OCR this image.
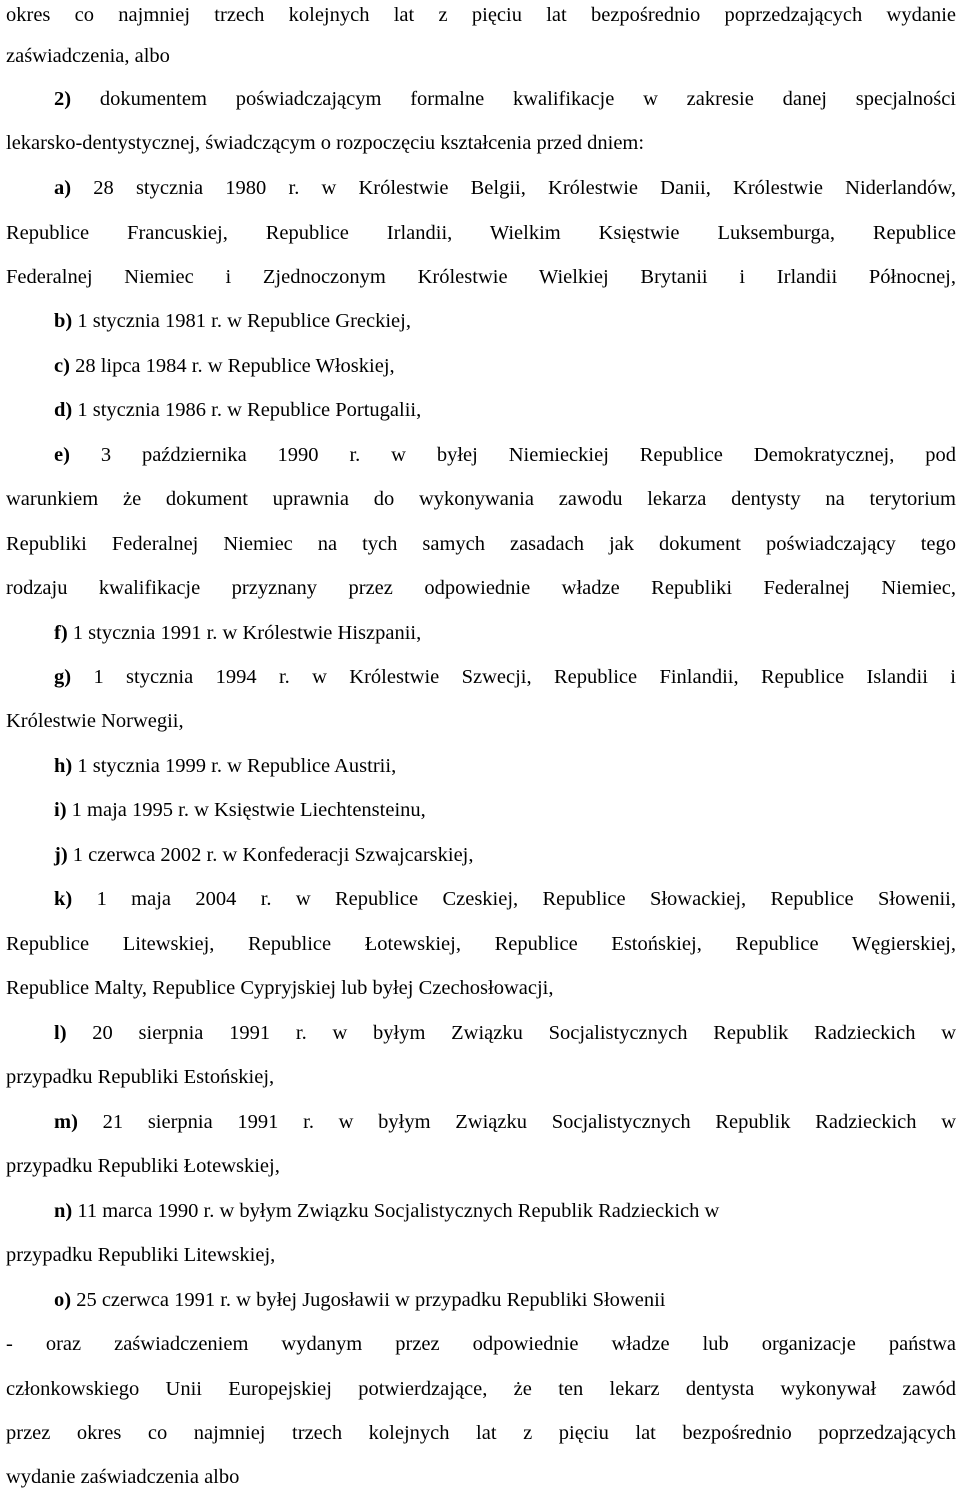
okres co najmniej trzech kolejnych lat z pięciu lat bezpośrednio poprzedzających wydanie
zaświadczenia, albo
2) dokumentem poświadczającym formalne kwalifikacje w zakresie danej specjalności
lekarsko-dentystycznej, świadczącym o rozpoczęciu kształcenia przed dniem:
a) 28 stycznia 1980 r. w Królestwie Belgii, Królestwie Danii, Królestwie Niderlandów,
Republice Francuskiej, Republice Irlandii, Wielkim Księstwie Luksemburga, Republice
Federalnej Niemiec i Zjednoczonym Królestwie Wielkiej Brytanii i Irlandii Północnej,
b) 1 stycznia 1981 r. w Republice Greckiej,
c) 28 lipca 1984 r. w Republice Włoskiej,
d) 1 stycznia 1986 r. w Republice Portugalii,
e) 3 października 1990 r. w byłej Niemieckiej Republice Demokratycznej, pod
warunkiem że dokument uprawnia do wykonywania zawodu lekarza dentysty na terytorium
Republiki Federalnej Niemiec na tych samych zasadach jak dokument poświadczający tego
rodzaju kwalifikacje przyznany przez odpowiednie władze Republiki Federalnej Niemiec,
f) 1 stycznia 1991 r. w Królestwie Hiszpanii,
g) 1 stycznia 1994 r. w Królestwie Szwecji, Republice Finlandii, Republice Islandii i
Królestwie Norwegii,
h) 1 stycznia 1999 r. w Republice Austrii,
i) 1 maja 1995 r. w Księstwie Liechtensteinu,
j) 1 czerwca 2002 r. w Konfederacji Szwajcarskiej,
k) 1 maja 2004 r. w Republice Czeskiej, Republice Słowackiej, Republice Słowenii,
Republice Litewskiej, Republice Łotewskiej, Republice Estońskiej, Republice Węgierskiej,
Republice Malty, Republice Cypryjskiej lub byłej Czechosłowacji,
l) 20 sierpnia 1991 r. w byłym Związku Socjalistycznych Republik Radzieckich w
przypadku Republiki Estońskiej,
m) 21 sierpnia 1991 r. w byłym Związku Socjalistycznych Republik Radzieckich w
przypadku Republiki Łotewskiej,
n) 11 marca 1990 r. w byłym Związku Socjalistycznych Republik Radzieckich w
przypadku Republiki Litewskiej,
o) 25 czerwca 1991 r. w byłej Jugosławii w przypadku Republiki Słowenii
- oraz zaświadczeniem wydanym przez odpowiednie władze lub organizacje państwa
członkowskiego Unii Europejskiej potwierdzające, że ten lekarz dentysta wykonywał zawód
przez okres co najmniej trzech kolejnych lat z pięciu lat bezpośrednio poprzedzających
wydanie zaświadczenia albo
